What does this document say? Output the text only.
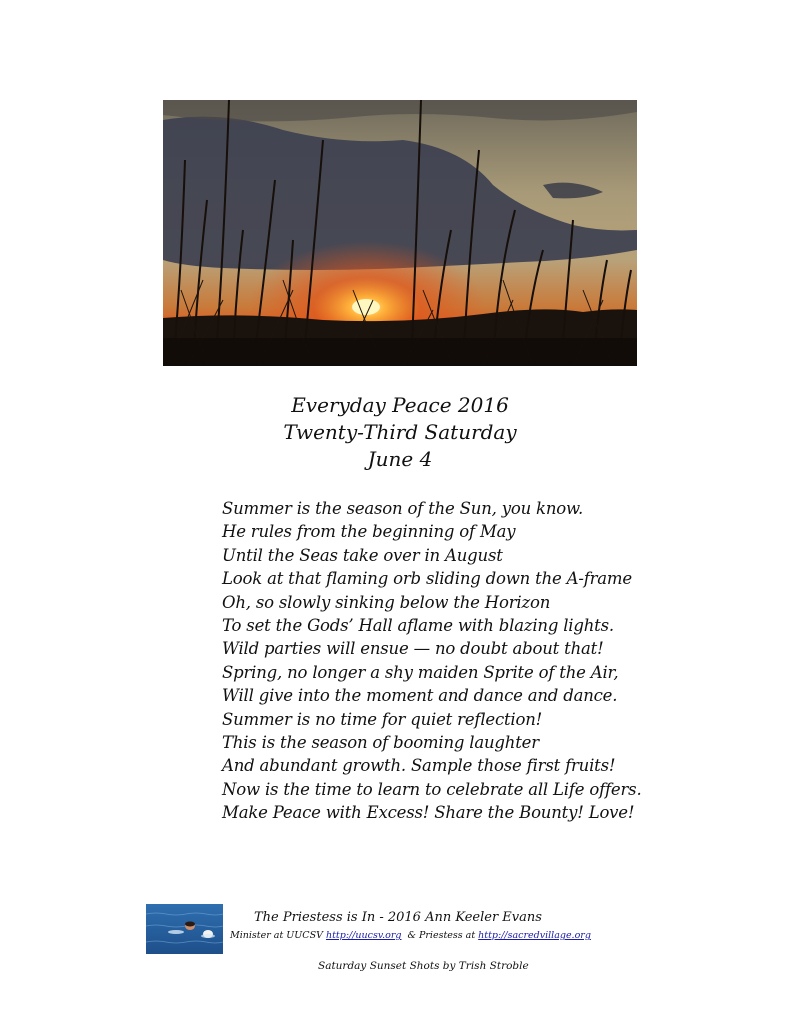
Everyday Peace 2016
Twenty-Third Saturday
June 4
Summer is the season of the Sun, you know.
He rules from the beginning of May
Until the Seas take over in August
Look at that flaming orb sliding down the A-frame
Oh, so slowly sinking below the Horizon
To set the Gods’ Hall aflame with blazing lights.
Wild parties will ensue — no doubt about that!
Spring, no longer a shy maiden Sprite of the Air,
Will give into the moment and dance and dance.
Summer is no time for quiet reflection!
This is the season of booming laughter
And abundant growth. Sample those first fruits!
Now is the time to learn to celebrate all Life offers.
Make Peace with Excess! Share the Bounty! Love!
The Priestess is In - 2016 Ann Keeler Evans
Minister at UUCSV http://uucsv.org  & Priestess at http://sacredvillage.org
Saturday Sunset Shots by Trish Stroble
